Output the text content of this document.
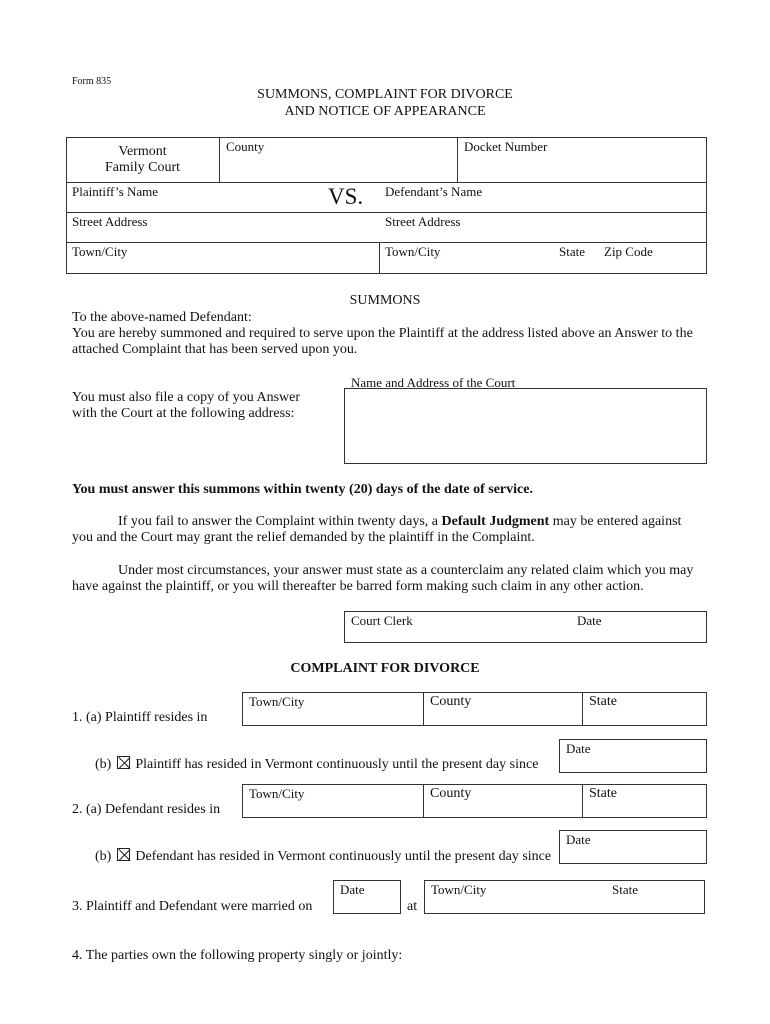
Form 835
SUMMONS, COMPLAINT FOR DIVORCE
AND NOTICE OF APPEARANCE
Vermont
Family Court
County	Docket Number
Plaintiff’s Name	VS. Defendant’s Name
Street Address	Street Address
Town/City	Town/City	State Zip Code
SUMMONS
To the above-named Defendant:
You are hereby summoned and required to serve upon the Plaintiff at the address listed above an Answer to the
attached Complaint that has been served upon you.
Name and Address of the Court
You must also file a copy of you Answer
with the Court at the following address:
You must answer this summons within twenty (20) days of the date of service.
If you fail to answer the Complaint within twenty days, a Default Judgment may be entered against
you and the Court may grant the relief demanded by the plaintiff in the Complaint.
Under most circumstances, your answer must state as a counterclaim any related claim which you may
have against the plaintiff, or you will thereafter be barred form making such claim in any other action.
Court Clerk	Date
COMPLAINT FOR DIVORCE
Town/City	County	State
1. (a) Plaintiff resides in
Date
(b) Plaintiff has resided in Vermont continuously until the present day since
Town/City	County	State
2. (a) Defendant resides in
Date
(b) Defendant has resided in Vermont continuously until the present day since
Date
3. Plaintiff and Defendant were married on	at
Town/City	State
4. The parties own the following property singly or jointly:
